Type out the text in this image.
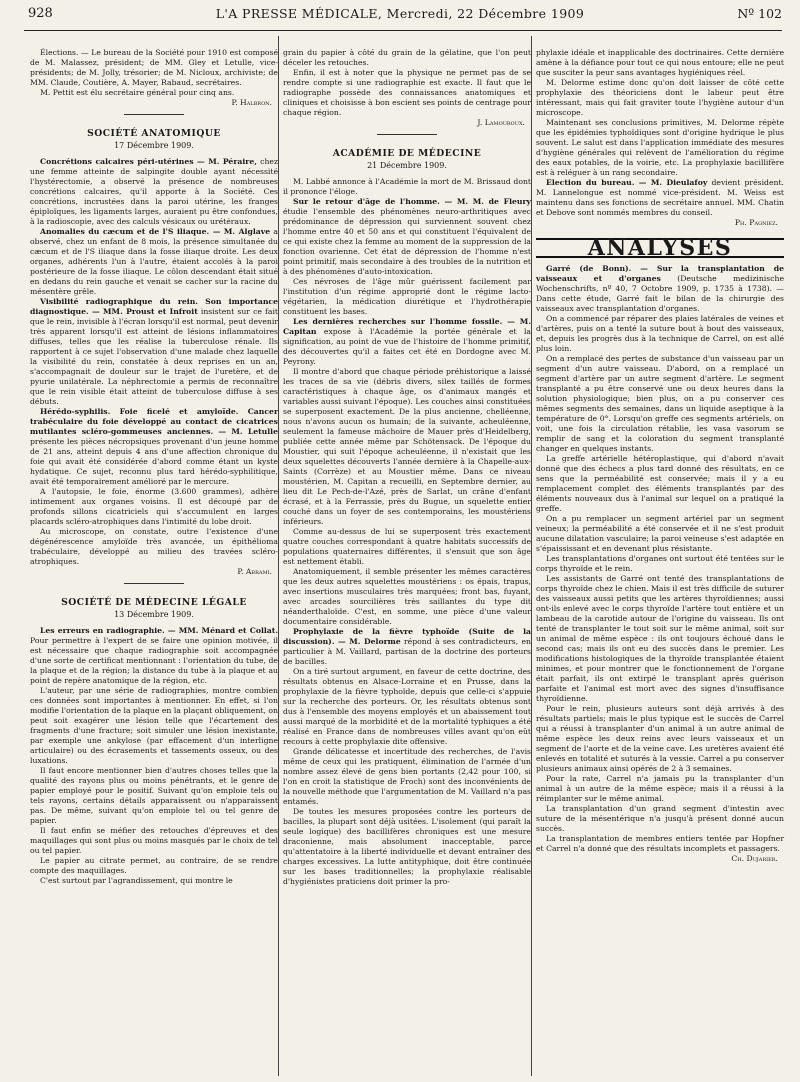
928	L'A PRESSE MÉDICALE, Mercredi, 22 Décembre 1909	Nº 102

Élections. — Le bureau de la Société pour 1910 est composé de M. Malassez, président; de MM. Gley et Letulle, vice-présidents; de M. Jolly, trésorier; de M. Nicloux, archiviste; de MM. Claude, Coutière, A. Mayer, Rabaud, secrétaires.

M. Pettit est élu secrétaire général pour cinq ans.

P. Halbron.

SOCIÉTÉ ANATOMIQUE
17 Décembre 1909.

Concrétions calcaires péri-utérines — M. Péraire, chez une femme atteinte de salpingite double ayant nécessité l'hystérectomie, a observé la présence de nombreuses concrétions calcaires, qu'il apporte à la Société. Ces concrétions, incrustées dans la paroi utérine, les franges épiploïques, les ligaments larges, auraient pu être confondues, à la radioscopie, avec des calculs vésicaux ou urétéraux.

Anomalies du cæcum et de l'S iliaque. — M. Alglave a observé, chez un enfant de 8 mois, la présence simultanée du cæcum et de l'S iliaque dans la fosse iliaque droite. Les deux organes, adhérents l'un à l'autre, étaient accolés à la paroi postérieure de la fosse iliaque. Le côlon descendant était situé en dedans du rein gauche et venait se cacher sur la racine du mésentère grêle.

Visibilité radiographique du rein. Son importance diagnostique. — MM. Proust et Infroit insistent sur ce fait que le rein, invisible à l'écran lorsqu'il est normal, peut devenir très apparent lorsqu'il est atteint de lésions inflammatoires diffuses, telles que les réalise la tuberculose rénale. Ils rapportent à ce sujet l'observation d'une malade chez laquelle la visibilité du rein, constatée à deux reprises en un an, s'accompagnait de douleur sur le trajet de l'uretère, et de pyurie unilatérale. La néphrectomie a permis de reconnaître que le rein visible était atteint de tuberculose diffuse à ses débuts.

Hérédo-syphilis. Foie ficelé et amyloïde. Cancer trabéculaire du foie développé au contact de cicatrices mutilantes scléro-gommeuses anciennes. — M. Letulle présente les pièces nécropsiques provenant d'un jeune homme de 21 ans, atteint depuis 4 ans d'une affection chronique du foie qui avait été considérée d'abord comme étant un kyste hydatique. Ce sujet, reconnu plus tard hérédo-syphilitique, avait été temporairement amélioré par le mercure.

A l'autopsie, le foie, énorme (3.600 grammes), adhère intimement aux organes voisins. Il est découpé par de profonds sillons cicatriciels qui s'accumulent en larges placards scléro-atrophiques dans l'intimité du lobe droit.

Au microscope, on constate, outre l'existence d'une dégénérescence amyloïde très avancée, un épithélioma trabéculaire, développé au milieu des travées scléro-atrophiques.

P. Abrami.

SOCIÉTÉ DE MÉDECINE LÉGALE
13 Décembre 1909.

Les erreurs en radiographie. — MM. Ménard et Collat. Pour permettre à l'expert de se faire une opinion motivée, il est nécessaire que chaque radiographie soit accompagnée d'une sorte de certificat mentionnant : l'orientation du tube, de la plaque et de la région; la distance du tube à la plaque et au point de repère anatomique de la région, etc.

L'auteur, par une série de radiographies, montre combien ces données sont importantes à mentionner. En effet, si l'on modifie l'orientation de la plaque en la plaçant obliquement, on peut soit exagérer une lésion telle que l'écartement des fragments d'une fracture; soit simuler une lésion inexistante, par exemple une ankylose (par effacement d'un interligne articulaire) ou des écrasements et tassements osseux, ou des luxations.

Il faut encore mentionner bien d'autres choses telles que la qualité des rayons plus ou moins pénétrants, et le genre de papier employé pour le positif. Suivant qu'on emploie tels ou tels rayons, certains détails apparaissent ou n'apparaissent pas. De même, suivant qu'on emploie tel ou tel genre de papier.

Il faut enfin se méfier des retouches d'épreuves et des maquillages qui sont plus ou moins masqués par le choix de tel ou tel papier.

Le papier au citrate permet, au contraire, de se rendre compte des maquillages.

C'est surtout par l'agrandissement, qui montre le

grain du papier à côté du grain de la gélatine, que l'on peut déceler les retouches.

Enfin, il est à noter que la physique ne permet pas de se rendre compte si une radiographie est exacte. Il faut que le radiographe possède des connaissances anatomiques et cliniques et choisisse à bon escient ses points de centrage pour chaque région.

J. Lamouroux.

ACADÉMIE DE MÉDECINE
21 Décembre 1909.

M. Labbé annonce à l'Académie la mort de M. Brissaud dont il prononce l'éloge.

Sur le retour d'âge de l'homme. — M. M. de Fleury étudie l'ensemble des phénomènes neuro-arthritiques avec prédominance de dépression qui surviennent souvent chez l'homme entre 40 et 50 ans et qui constituent l'équivalent de ce qui existe chez la femme au moment de la suppression de la fonction ovarienne. Cet état de dépression de l'homme n'est point primitif, mais secondaire à des troubles de la nutrition et à des phénomènes d'auto-intoxication.

Ces névroses de l'âge mûr guérissent facilement par l'institution d'un régime approprié dont le régime lacto-végétarien, la médication diurétique et l'hydrothérapie constituent les bases.

Les dernières recherches sur l'homme fossile. — M. Capitan expose à l'Académie la portée générale et la signification, au point de vue de l'histoire de l'homme primitif, des découvertes qu'il a faites cet été en Dordogne avec M. Peyrony.

Il montre d'abord que chaque période préhistorique a laissé les traces de sa vie (débris divers, silex taillés de formes caractéristiques à chaque âge, os d'animaux mangés et variables aussi suivant l'époque). Les couches ainsi constituées se superposent exactement. De la plus ancienne, chelléenne, nous n'avons aucun os humain; de la suivante, acheuléenne, seulement la fameuse mâchoire de Mauer près d'Heidelberg, publiée cette année même par Schötensack. De l'époque du Moustier, qui suit l'époque acheuléenne, il n'existait que les deux squelettes découverts l'année dernière à la Chapelle-aux-Saints (Corrèze) et au Moustier même. Dans ce niveau moustérien, M. Capitan a recueilli, en Septembre dernier, au lieu dit Le Pech-de-l'Azé, près de Sarlat, un crâne d'enfant écrasé, et à la Ferrassie, près du Bugue, un squelette entier couché dans un foyer de ses contemporains, les moustériens inférieurs.

Comme au-dessus de lui se superposent très exactement quatre couches correspondant à quatre habitats successifs de populations quaternaires différentes, il s'ensuit que son âge est nettement établi.

Anatomiquement, il semble présenter les mêmes caractères que les deux autres squelettes moustériens : os épais, trapus, avec insertions musculaires très marquées; front bas, fuyant, avec arcades sourcilières très saillantes du type dit néanderthaloïde. C'est, en somme, une pièce d'une valeur documentaire considérable.

Prophylaxie de la fièvre typhoïde (Suite de la discussion). — M. Delorme répond à ses contradicteurs, en particulier à M. Vaillard, partisan de la doctrine des porteurs de bacilles.

On a tiré surtout argument, en faveur de cette doctrine, des résultats obtenus en Alsace-Lorraine et en Prusse, dans la prophylaxie de la fièvre typhoïde, depuis que celle-ci s'appuie sur la recherche des porteurs. Or, les résultats obtenus sont dus à l'ensemble des moyens employés et un abaissement tout aussi marqué de la morbidité et de la mortalité typhiques a été réalisé en France dans de nombreuses villes avant qu'on eût recours à cette prophylaxie dite offensive.

Grande délicatesse et incertitude des recherches, de l'avis même de ceux qui les pratiquent, élimination de l'armée d'un nombre assez élevé de gens bien portants (2,42 pour 100, si l'on en croit la statistique de Froch) sont des inconvénients de la nouvelle méthode que l'argumentation de M. Vaillard n'a pas entamés.

De toutes les mesures proposées contre les porteurs de bacilles, la plupart sont déjà usitées. L'isolement (qui paraît la seule logique) des bacillifères chroniques est une mesure draconienne, mais absolument inacceptable, parce qu'attentatoire à la liberté individuelle et devant entraîner des charges excessives. La lutte antityphique, doit être continuée sur les bases traditionnelles; la prophylaxie réalisable d'hygiénistes praticiens doit primer la pro-

phylaxie idéale et inapplicable des doctrinaires. Cette dernière amène à la défiance pour tout ce qui nous entoure; elle ne peut que susciter la peur sans avantages hygiéniques réel.

M. Delorme estime donc qu'on doit laisser de côté cette prophylaxie des théoriciens dont le labeur peut être intéressant, mais qui fait graviter toute l'hygiène autour d'un microscope.

Maintenant ses conclusions primitives, M. Delorme répète que les épidémies typhoïdiques sont d'origine hydrique le plus souvent. Le salut est dans l'application immédiate des mesures d'hygiène générales qui relèvent de l'amélioration du régime des eaux potables, de la voirie, etc. La prophylaxie bacillifère est à reléguer à un rang secondaire.

Election du bureau. — M. Dieulafoy devient président. M. Lannelongue est nommé vice-président. M. Weiss est maintenu dans ses fonctions de secrétaire annuel. MM. Chatin et Debove sont nommés membres du conseil.

Ph. Pagniez.

ANALYSES

Garré (de Bonn). — Sur la transplantation de vaisseaux et d'organes (Deutsche medizinische Wochenschrifts, nº 40, 7 Octobre 1909, p. 1735 à 1738). — Dans cette étude, Garré fait le bilan de la chirurgie des vaisseaux avec transplantation d'organes.

On a commencé par réparer des plaies latérales de veines et d'artères, puis on a tenté la suture bout à bout des vaisseaux, et, depuis les progrès dus à la technique de Carrel, on est allé plus loin.

On a remplacé des pertes de substance d'un vaisseau par un segment d'un autre vaisseau. D'abord, on a remplacé un segment d'artère par un autre segment d'artère. Le segment transplanté a pu être conservé une ou deux heures dans la solution physiologique; bien plus, on a pu conserver ces mêmes segments des semaines, dans un liquide aseptique à la température de 0°. Lorsqu'on greffe ces segments artériels, on voit, une fois la circulation rétablie, les vasa vasorum se remplir de sang et la coloration du segment transplanté changer en quelques instants.

La greffe artérielle hétéroplastique, qui d'abord n'avait donné que des échecs a plus tard donné des résultats, en ce sens que la perméabilité est conservée; mais il y a eu remplacement complet des éléments transplantés par des éléments nouveaux dus à l'animal sur lequel on a pratiqué la greffe.

On a pu remplacer un segment artériel par un segment veineux; la perméabilité a été conservée et il ne s'est produit aucune dilatation vasculaire; la paroi veineuse s'est adaptée en s'épaississant et en devenant plus résistante.

Les transplantations d'organes ont surtout été tentées sur le corps thyroïde et le rein.

Les assistants de Garré ont tenté des transplantations de corps thyroïde chez le chien. Mais il est très difficile de suturer des vaisseaux aussi petits que les artères thyroïdiennes; aussi ont-ils enlevé avec le corps thyroïde l'artère tout entière et un lambeau de la carotide autour de l'origine du vaisseau. Ils ont tenté de transplanter le tout soit sur le même animal, soit sur un animal de même espèce : ils ont toujours échoué dans le second cas; mais ils ont eu des succès dans le premier. Les modifications histologiques de la thyroïde transplantée étaient minimes, et pour montrer que le fonctionnement de l'organe était parfait, ils ont extirpé le transplant après guérison parfaite et l'animal est mort avec des signes d'insuffisance thyroïdienne.

Pour le rein, plusieurs auteurs sont déjà arrivés à des résultats partiels; mais le plus typique est le succès de Carrel qui a réussi à transplanter d'un animal à un autre animal de même espèce les deux reins avec leurs vaisseaux et un segment de l'aorte et de la veine cave. Les uretères avaient été enlevés en totalité et suturés à la vessie. Carrel a pu conserver plusieurs animaux ainsi opérés de 2 à 3 semaines.

Pour la rate, Carrel n'a jamais pu la transplanter d'un animal à un autre de la même espèce; mais il a réussi à la réimplanter sur le même animal.

La transplantation d'un grand segment d'intestin avec suture de la mésentérique n'a jusqu'à présent donné aucun succès.

La transplantation de membres entiers tentée par Hopfner et Carrel n'a donné que des résultats incomplets et passagers.

Ch. Dujarier.
